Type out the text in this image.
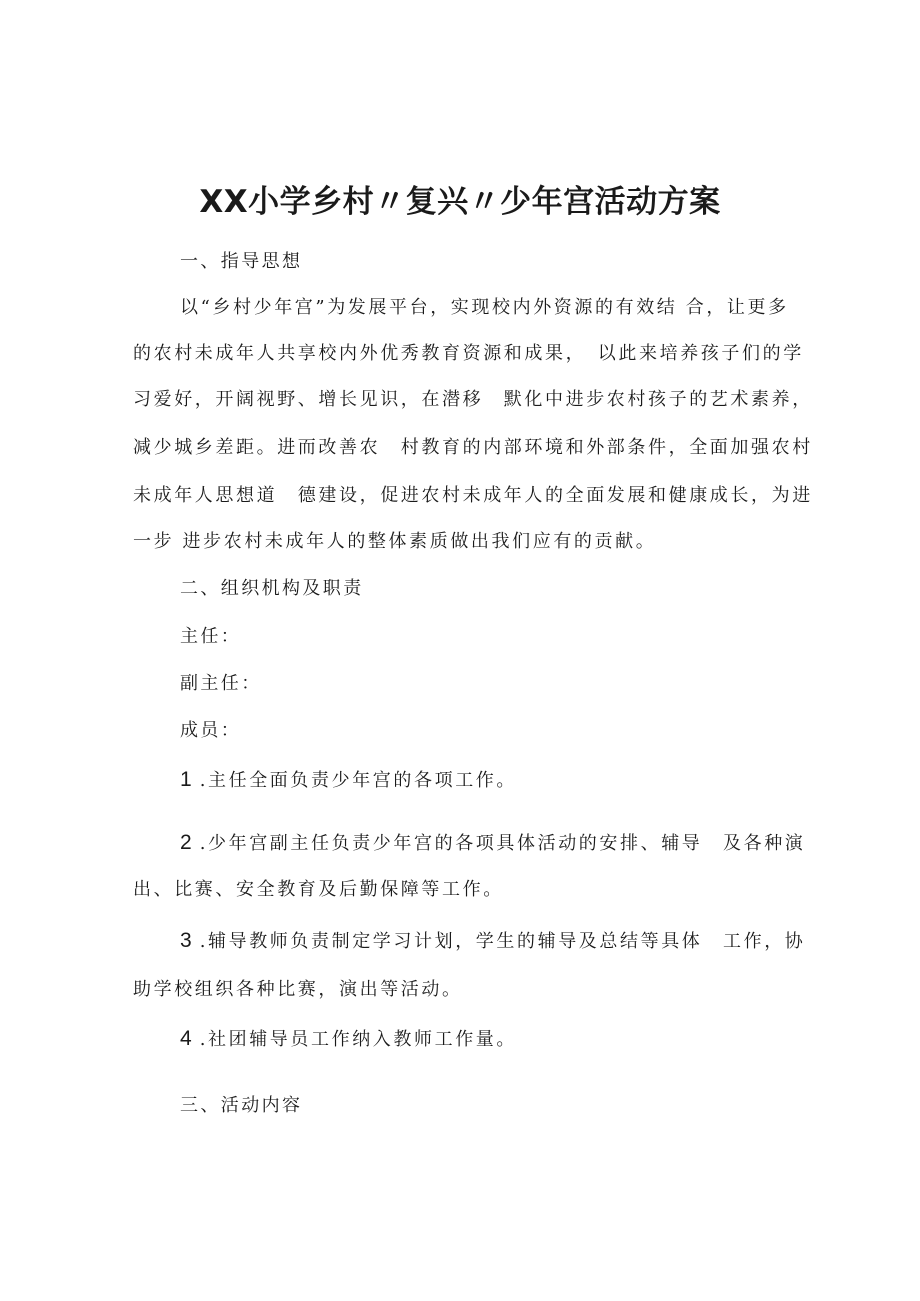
XX小学乡村〃复兴〃少年宫活动方案
一、指导思想
以“乡村少年宫”为发展平台，实现校内外资源的有效结 合，让更多
的农村未成年人共享校内外优秀教育资源和成果，　以此来培养孩子们的学
习爱好，开阔视野、增长见识，在潜移　默化中进步农村孩子的艺术素养，
减少城乡差距。进而改善农　村教育的内部环境和外部条件，全面加强农村
未成年人思想道　德建设，促进农村未成年人的全面发展和健康成长，为进
一步 进步农村未成年人的整体素质做出我们应有的贡献。
二、组织机构及职责
主任：
副主任：
成员：
1 .主任全面负责少年宫的各项工作。
2 .少年宫副主任负责少年宫的各项具体活动的安排、辅导　及各种演
出、比赛、安全教育及后勤保障等工作。
3 .辅导教师负责制定学习计划，学生的辅导及总结等具体　工作，协
助学校组织各种比赛，演出等活动。
4 .社团辅导员工作纳入教师工作量。
三、活动内容
